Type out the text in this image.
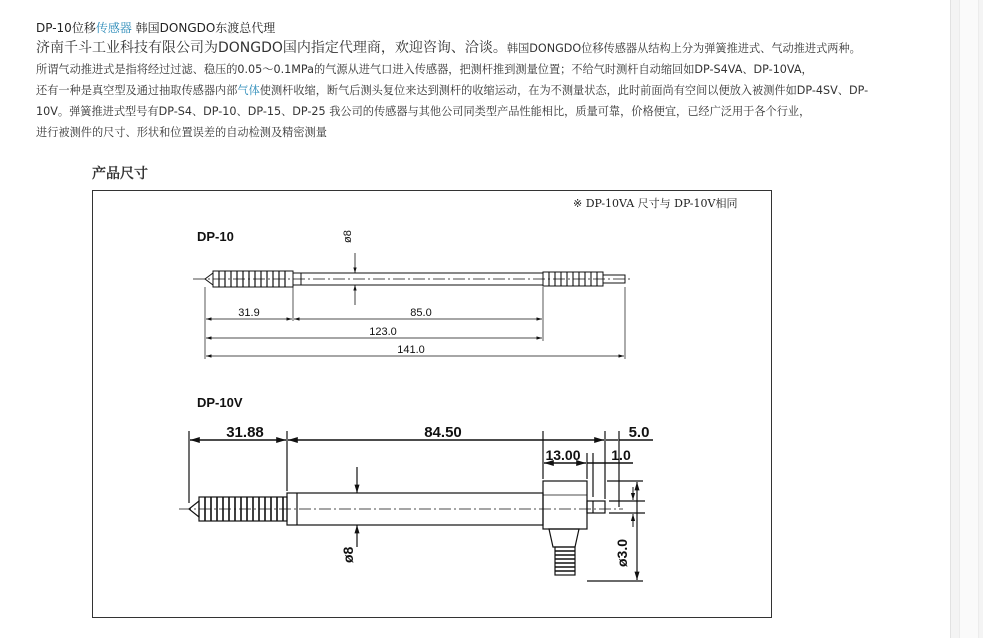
DP-10位移传感器 韩国DONGDO东渡总代理
济南千斗工业科技有限公司为DONGDO国内指定代理商，欢迎咨询、洽谈。韩国DONGDO位移传感器从结构上分为弹簧推进式、气动推进式两种。
所谓气动推进式是指将经过过滤、稳压的0.05～0.1MPa的气源从进气口进入传感器，把测杆推到测量位置；不给气时测杆自动缩回如DP-S4VA、DP-10VA，
还有一种是真空型及通过抽取传感器内部气体使测杆收缩，断气后测头复位来达到测杆的收缩运动，在为不测量状态，此时前面尚有空间以便放入被测件如DP-4SV、DP-
10V。弹簧推进式型号有DP-S4、DP-10、DP-15、DP-25 我公司的传感器与其他公司同类型产品性能相比，质量可靠，价格便宜，已经广泛用于各个行业，
进行被测件的尺寸、形状和位置误差的自动检测及精密测量
产品尺寸
※ DP-10VA 尺寸与 DP-10V相同
DP-10	ø8
31.9	85.0
123.0
141.0
DP-10V
31.88	84.50	5.0
13.00 1.0
ø3.0
ø8
